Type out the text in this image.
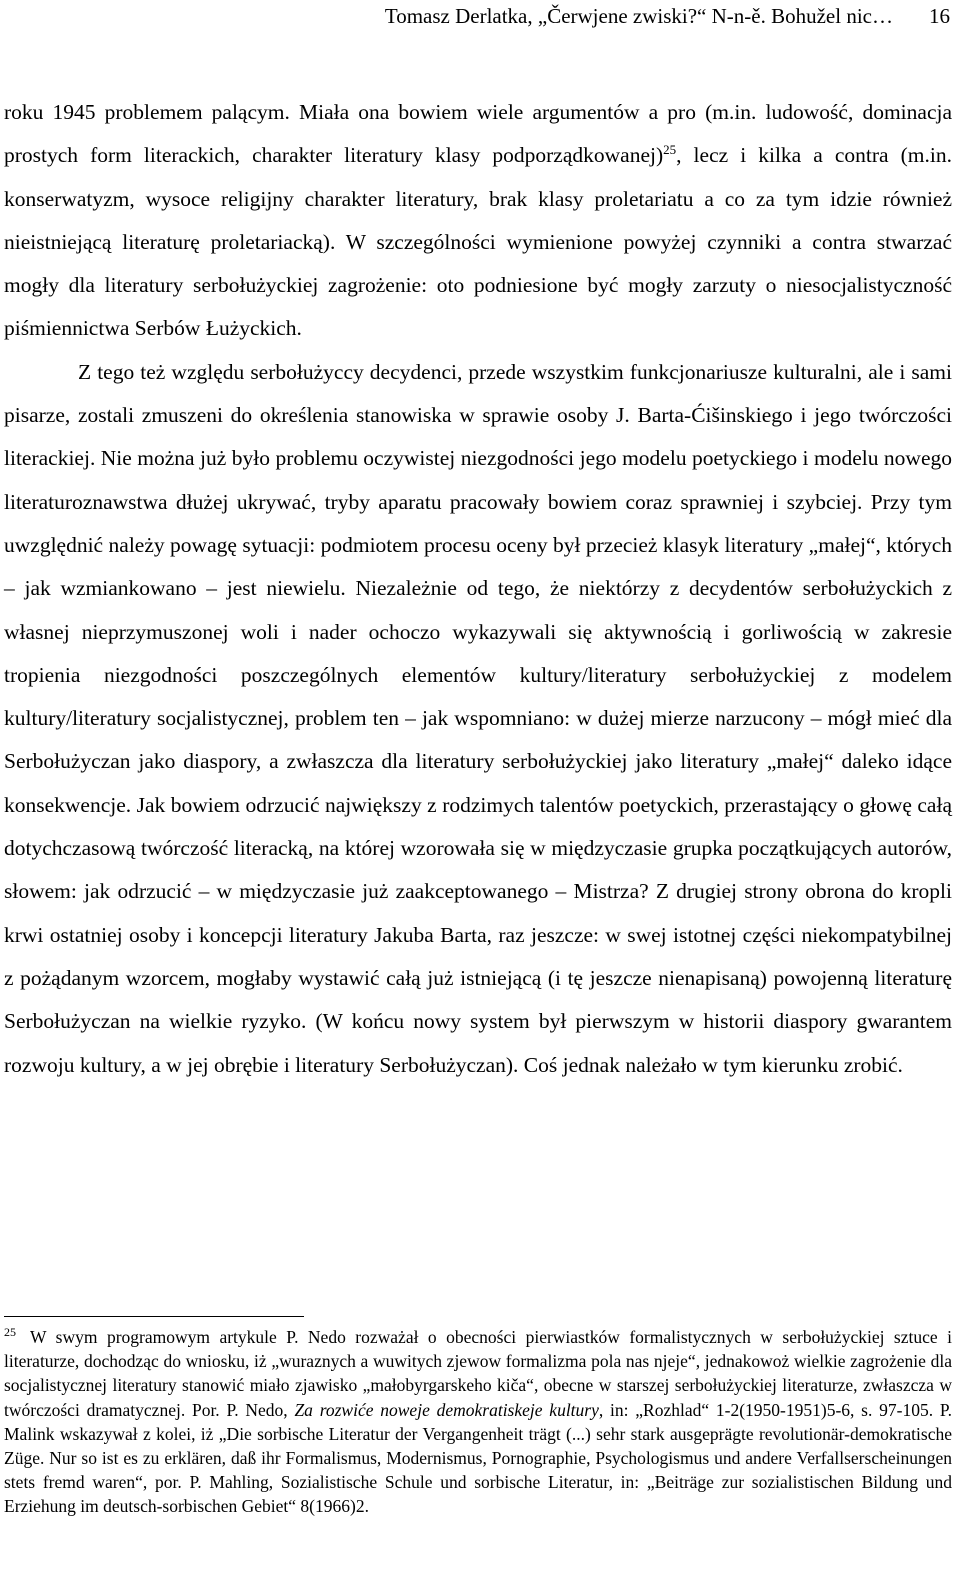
Tomasz Derlatka, „Čerwjene zwiski?“ N-n-ě. Bohužel nic… 16

roku 1945 problemem palącym. Miała ona bowiem wiele argumentów a pro (m.in. ludowość, dominacja prostych form literackich, charakter literatury klasy podporządkowanej)$^{25}$, lecz i kilka a contra (m.in. konserwatyzm, wysoce religijny charakter literatury, brak klasy proletariatu a co za tym idzie również nieistniejącą literaturę proletariacką). W szczególności wymienione powyżej czynniki a contra stwarzać mogły dla literatury serbołużyckiej zagrożenie: oto podniesione być mogły zarzuty o niesocjalistyczność piśmiennictwa Serbów Łużyckich.

Z tego też względu serbołużyccy decydenci, przede wszystkim funkcjonariusze kulturalni, ale i sami pisarze, zostali zmuszeni do określenia stanowiska w sprawie osoby J. Barta-Ćišinskiego i jego twórczości literackiej. Nie można już było problemu oczywistej niezgodności jego modelu poetyckiego i modelu nowego literaturoznawstwa dłużej ukrywać, tryby aparatu pracowały bowiem coraz sprawniej i szybciej. Przy tym uwzględnić należy powagę sytuacji: podmiotem procesu oceny był przecież klasyk literatury „małej“, których – jak wzmiankowano – jest niewielu. Niezależnie od tego, że niektórzy z decydentów serbołużyckich z własnej nieprzymuszonej woli i nader ochoczo wykazywali się aktywnością i gorliwością w zakresie tropienia niezgodności poszczególnych elementów kultury/literatury serbołużyckiej z modelem kultury/literatury socjalistycznej, problem ten – jak wspomniano: w dużej mierze narzucony – mógł mieć dla Serbołużyczan jako diaspory, a zwłaszcza dla literatury serbołużyckiej jako literatury „małej“ daleko idące konsekwencje. Jak bowiem odrzucić największy z rodzimych talentów poetyckich, przerastający o głowę całą dotychczasową twórczość literacką, na której wzorowała się w międzyczasie grupka początkujących autorów, słowem: jak odrzucić – w międzyczasie już zaakceptowanego – Mistrza? Z drugiej strony obrona do kropli krwi ostatniej osoby i koncepcji literatury Jakuba Barta, raz jeszcze: w swej istotnej części niekompatybilnej z pożądanym wzorcem, mogłaby wystawić całą już istniejącą (i tę jeszcze nienapisaną) powojenną literaturę Serbołużyczan na wielkie ryzyko. (W końcu nowy system był pierwszym w historii diaspory gwarantem rozwoju kultury, a w jej obrębie i literatury Serbołużyczan). Coś jednak należało w tym kierunku zrobić.

$^{25}$ W swym programowym artykule P. Nedo rozważał o obecności pierwiastków formalistycznych w serbołużyckiej sztuce i literaturze, dochodząc do wniosku, iż „wuraznych a wuwitych zjewow formalizma pola nas njeje“, jednakowoż wielkie zagrożenie dla socjalistycznej literatury stanowić miało zjawisko „małobyrgarskeho kiča“, obecne w starszej serbołużyckiej literaturze, zwłaszcza w twórczości dramatycznej. Por. P. Nedo, Za rozwiće noweje demokratiskeje kultury, in: „Rozhlad“ 1-2(1950-1951)5-6, s. 97-105. P. Malink wskazywał z kolei, iż „Die sorbische Literatur der Vergangenheit trägt (...) sehr stark ausgeprägte revolutionär-demokratische Züge. Nur so ist es zu erklären, daß ihr Formalismus, Modernismus, Pornographie, Psychologismus und andere Verfallserscheinungen stets fremd waren“, por. P. Mahling, Sozialistische Schule und sorbische Literatur, in: „Beiträge zur sozialistischen Bildung und Erziehung im deutsch-sorbischen Gebiet“ 8(1966)2.
